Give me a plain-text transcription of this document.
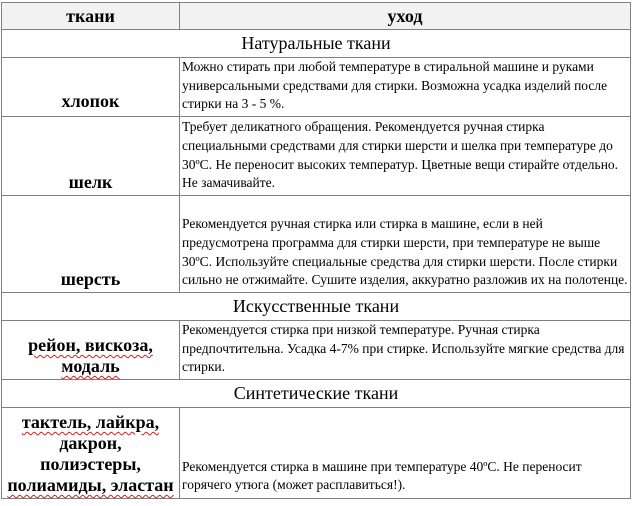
ткани	уход
Натуральные ткани	
хлопок	Можно стирать при любой температуре в стиральной машине и руками универсальными средствами для стирки. Возможна усадка изделий после стирки на 3 - 5 %.
шелк	Требует деликатного обращения. Рекомендуется ручная стирка специальными средствами для стирки шерсти и шелка при температуре до 30ºС. Не переносит высоких температур. Цветные вещи стирайте отдельно. Не замачивайте.
шерсть	Рекомендуется ручная стирка или стирка в машине, если в ней предусмотрена программа для стирки шерсти, при температуре не выше 30ºС. Используйте специальные средства для стирки шерсти. После стирки сильно не отжимайте. Сушите изделия, аккуратно разложив их на полотенце.
Искусственные ткани	

рейон, вискоза,
модаль	Рекомендуется стирка при низкой температуре. Ручная стирка предпочтительна. Усадка 4-7% при стирке. Используйте мягкие средства для стирки.
Синтетические ткани	

тактель, лайкра,
дакрон,
полиэстеры,
полиамиды, эластан	Рекомендуется стирка в машине при температуре 40ºС. Не переносит горячего утюга (может расплавиться!).
